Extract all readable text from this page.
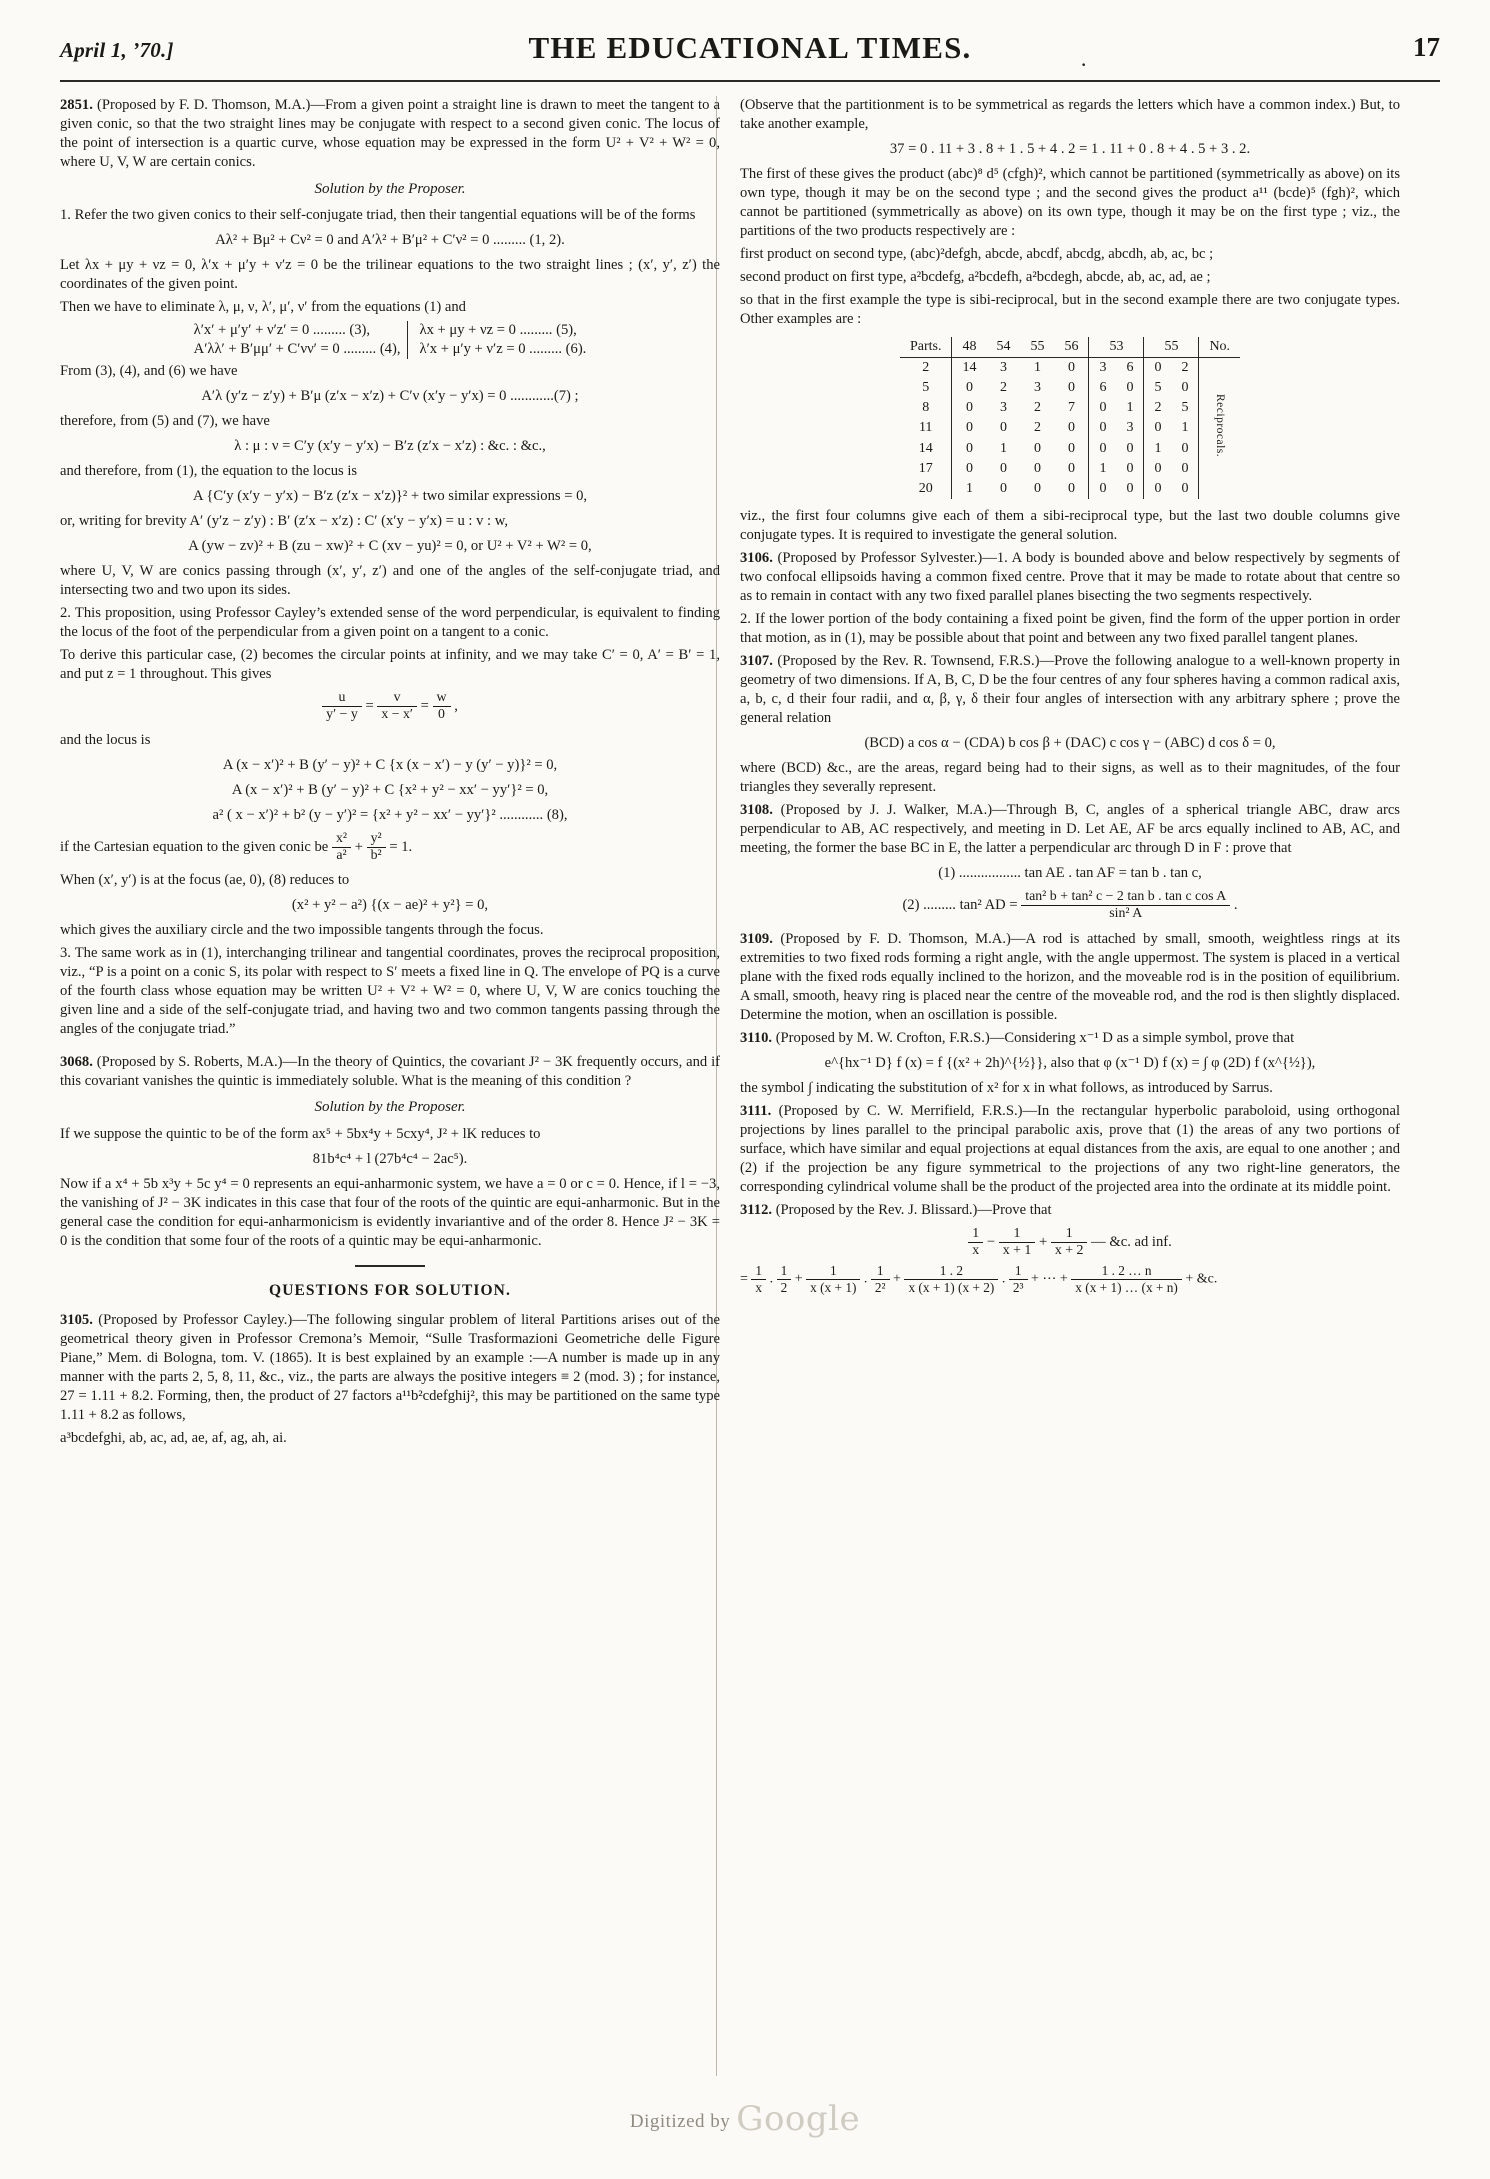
April 1, ’70.]	THE EDUCATIONAL TIMES.	·
17

2851. (Proposed by F. D. Thomson, M.A.)—From a given point a straight line is drawn to meet the tangent to a given conic, so that the two straight lines may be conjugate with respect to a second given conic. The locus of the point of intersection is a quartic curve, whose equation may be expressed in the form U² + V² + W² = 0, where U, V, W are certain conics.

Solution by the Proposer.

1. Refer the two given conics to their self-conjugate triad, then their tangential equations will be of the forms

Aλ² + Bμ² + Cν² = 0 and A′λ² + B′μ² + C′ν² = 0 ......... (1, 2).

Let λx + μy + νz = 0, λ′x + μ′y + ν′z = 0 be the trilinear equations to the two straight lines ; (x′, y′, z′) the coordinates of the given point.

Then we have to eliminate λ, μ, ν, λ′, μ′, ν′ from the equations (1) and

λ′x′ + μ′y′ + ν′z′ = 0 ......... (3),
A′λλ′ + B′μμ′ + C′νν′ = 0 ......... (4),
λx + μy + νz = 0 ......... (5),
λ′x + μ′y + ν′z = 0 ......... (6).

From (3), (4), and (6) we have

A′λ (y′z − z′y) + B′μ (z′x − x′z) + C′ν (x′y − y′x) = 0 ............(7) ;

therefore, from (5) and (7), we have

λ : μ : ν = C′y (x′y − y′x) − B′z (z′x − x′z) : &c. : &c.,

and therefore, from (1), the equation to the locus is

A {C′y (x′y − y′x) − B′z (z′x − x′z)}² + two similar expressions = 0,

or, writing for brevity A′ (y′z − z′y) : B′ (z′x − x′z) : C′ (x′y − y′x) = u : v : w,

A (yw − zv)² + B (zu − xw)² + C (xv − yu)² = 0, or U² + V² + W² = 0,

where U, V, W are conics passing through (x′, y′, z′) and one of the angles of the self-conjugate triad, and intersecting two and two upon its sides.

2. This proposition, using Professor Cayley’s extended sense of the word perpendicular, is equivalent to finding the locus of the foot of the perpendicular from a given point on a tangent to a conic.

To derive this particular case, (2) becomes the circular points at infinity, and we may take C′ = 0, A′ = B′ = 1, and put z = 1 throughout. This gives

$\frac{u}{y' - y} = \frac{v}{x - x'} = \frac{w}{0}$ ,

and the locus is

A (x − x′)² + B (y′ − y)² + C {x (x − x′) − y (y′ − y)}² = 0,

A (x − x′)² + B (y′ − y)² + C {x² + y² − xx′ − yy′}² = 0,

a² ( x − x′)² + b² (y − y′)² = {x² + y² − xx′ − yy′}² ............ (8),

if the Cartesian equation to the given conic be $\frac{\text{x²}}{\text{a²}} + \frac{\text{y²}}{\text{b²}} = 1$.

When (x′, y′) is at the focus (ae, 0), (8) reduces to

(x² + y² − a²) {(x − ae)² + y²} = 0,

which gives the auxiliary circle and the two impossible tangents through the focus.

3. The same work as in (1), interchanging trilinear and tangential coordinates, proves the reciprocal proposition, viz., “P is a point on a conic S, its polar with respect to S′ meets a fixed line in Q. The envelope of PQ is a curve of the fourth class whose equation may be written U² + V² + W² = 0, where U, V, W are conics touching the given line and a side of the self-conjugate triad, and having two and two common tangents passing through the angles of the conjugate triad.”

3068. (Proposed by S. Roberts, M.A.)—In the theory of Quintics, the covariant J² − 3K frequently occurs, and if this covariant vanishes the quintic is immediately soluble. What is the meaning of this condition ?

Solution by the Proposer.

If we suppose the quintic to be of the form ax⁵ + 5bx⁴y + 5cxy⁴, J² + lK reduces to

81b⁴c⁴ + l (27b⁴c⁴ − 2ac⁵).

Now if a x⁴ + 5b x³y + 5c y⁴ = 0 represents an equi-anharmonic system, we have a = 0 or c = 0. Hence, if l = −3, the vanishing of J² − 3K indicates in this case that four of the roots of the quintic are equi-anharmonic. But in the general case the condition for equi-anharmonicism is evidently invariantive and of the order 8. Hence J² − 3K = 0 is the condition that some four of the roots of a quintic may be equi-anharmonic.

QUESTIONS FOR SOLUTION.

3105. (Proposed by Professor Cayley.)—The following singular problem of literal Partitions arises out of the geometrical theory given in Professor Cremona’s Memoir, “Sulle Trasformazioni Geometriche delle Figure Piane,” Mem. di Bologna, tom. V. (1865). It is best explained by an example :—A number is made up in any manner with the parts 2, 5, 8, 11, &c., viz., the parts are always the positive integers ≡ 2 (mod. 3) ; for instance, 27 = 1.11 + 8.2. Forming, then, the product of 27 factors a¹¹b²cdefghij², this may be partitioned on the same type 1.11 + 8.2 as follows,

a³bcdefghi, ab, ac, ad, ae, af, ag, ah, ai.

(Observe that the partitionment is to be symmetrical as regards the letters which have a common index.) But, to take another example,

37 = 0 . 11 + 3 . 8 + 1 . 5 + 4 . 2 = 1 . 11 + 0 . 8 + 4 . 5 + 3 . 2.

The first of these gives the product (abc)⁸ d⁵ (cfgh)², which cannot be partitioned (symmetrically as above) on its own type, though it may be on the second type ; and the second gives the product a¹¹ (bcde)⁵ (fgh)², which cannot be partitioned (symmetrically as above) on its own type, though it may be on the first type ; viz., the partitions of the two products respectively are :

first product on second type, (abc)²defgh, abcde, abcdf, abcdg, abcdh, ab, ac, bc ;

second product on first type, a²bcdefg, a²bcdefh, a²bcdegh, abcde, ab, ac, ad, ae ;

so that in the first example the type is sibi-reciprocal, but in the second example there are two conjugate types. Other examples are :

Parts.	48	54	55	56	53		55		No.
2	14	3	1	0	3	6	0	2	Reciprocals.
5	0	2	3	0	6	0	5	0	
8	0	3	2	7	0	1	2	5	
11	0	0	2	0	0	3	0	1	
14	0	1	0	0	0	0	1	0	
17	0	0	0	0	1	0	0	0	
20	1	0	0	0	0	0	0	0	

viz., the first four columns give each of them a sibi-reciprocal type, but the last two double columns give conjugate types. It is required to investigate the general solution.

3106. (Proposed by Professor Sylvester.)—1. A body is bounded above and below respectively by segments of two confocal ellipsoids having a common fixed centre. Prove that it may be made to rotate about that centre so as to remain in contact with any two fixed parallel planes bisecting the two segments respectively.

2. If the lower portion of the body containing a fixed point be given, find the form of the upper portion in order that motion, as in (1), may be possible about that point and between any two fixed parallel tangent planes.

3107. (Proposed by the Rev. R. Townsend, F.R.S.)—Prove the following analogue to a well-known property in geometry of two dimensions. If A, B, C, D be the four centres of any four spheres having a common radical axis, a, b, c, d their four radii, and α, β, γ, δ their four angles of intersection with any arbitrary sphere ; prove the general relation

(BCD) a cos α − (CDA) b cos β + (DAC) c cos γ − (ABC) d cos δ = 0,

where (BCD) &c., are the areas, regard being had to their signs, as well as to their magnitudes, of the four triangles they severally represent.

3108. (Proposed by J. J. Walker, M.A.)—Through B, C, angles of a spherical triangle ABC, draw arcs perpendicular to AB, AC respectively, and meeting in D. Let AE, AF be arcs equally inclined to AB, AC, and meeting, the former the base BC in E, the latter a perpendicular arc through D in F : prove that

(1) ................. tan AE . tan AF = tan b . tan c,

(2) ......... tan² AD = $\frac{\text{tan² b + tan² c − 2 tan b . tan c cos A}}{\text{sin² A}}$ .

3109. (Proposed by F. D. Thomson, M.A.)—A rod is attached by small, smooth, weightless rings at its extremities to two fixed rods forming a right angle, with the angle uppermost. The system is placed in a vertical plane with the fixed rods equally inclined to the horizon, and the moveable rod is in the position of equilibrium. A small, smooth, heavy ring is placed near the centre of the moveable rod, and the rod is then slightly displaced. Determine the motion, when an oscillation is possible.

3110. (Proposed by M. W. Crofton, F.R.S.)—Considering x⁻¹ D as a simple symbol, prove that

e^{hx⁻¹ D} f (x) = f {(x² + 2h)^{½}}, also that φ (x⁻¹ D) f (x) = ∫ φ (2D) f (x^{½}),

the symbol ∫ indicating the substitution of x² for x in what follows, as introduced by Sarrus.

3111. (Proposed by C. W. Merrifield, F.R.S.)—In the rectangular hyperbolic paraboloid, using orthogonal projections by lines parallel to the principal parabolic axis, prove that (1) the areas of any two portions of surface, which have similar and equal projections at equal distances from the axis, are equal to one another ; and (2) if the projection be any figure symmetrical to the projections of any two right-line generators, the corresponding cylindrical volume shall be the product of the projected area into the ordinate at its middle point.

3112. (Proposed by the Rev. J. Blissard.)—Prove that

$\frac{1}{x} - \frac{1}{x + 1} + \frac{1}{x + 2}$ — &c. ad inf.
= $\frac{1}{x}$ . $\frac{1}{2} + \frac{1}{x (x + 1)}$ . $\frac{1}{\text{2²}} + \frac{1 . 2}{x (x + 1) (x + 2)}$ . $\frac{1}{\text{2³}}$ + ⋯ + $\frac{1 . 2 \dots n}{x (x + 1) \dots (x + n)}$ + &c.
Digitized by Google
